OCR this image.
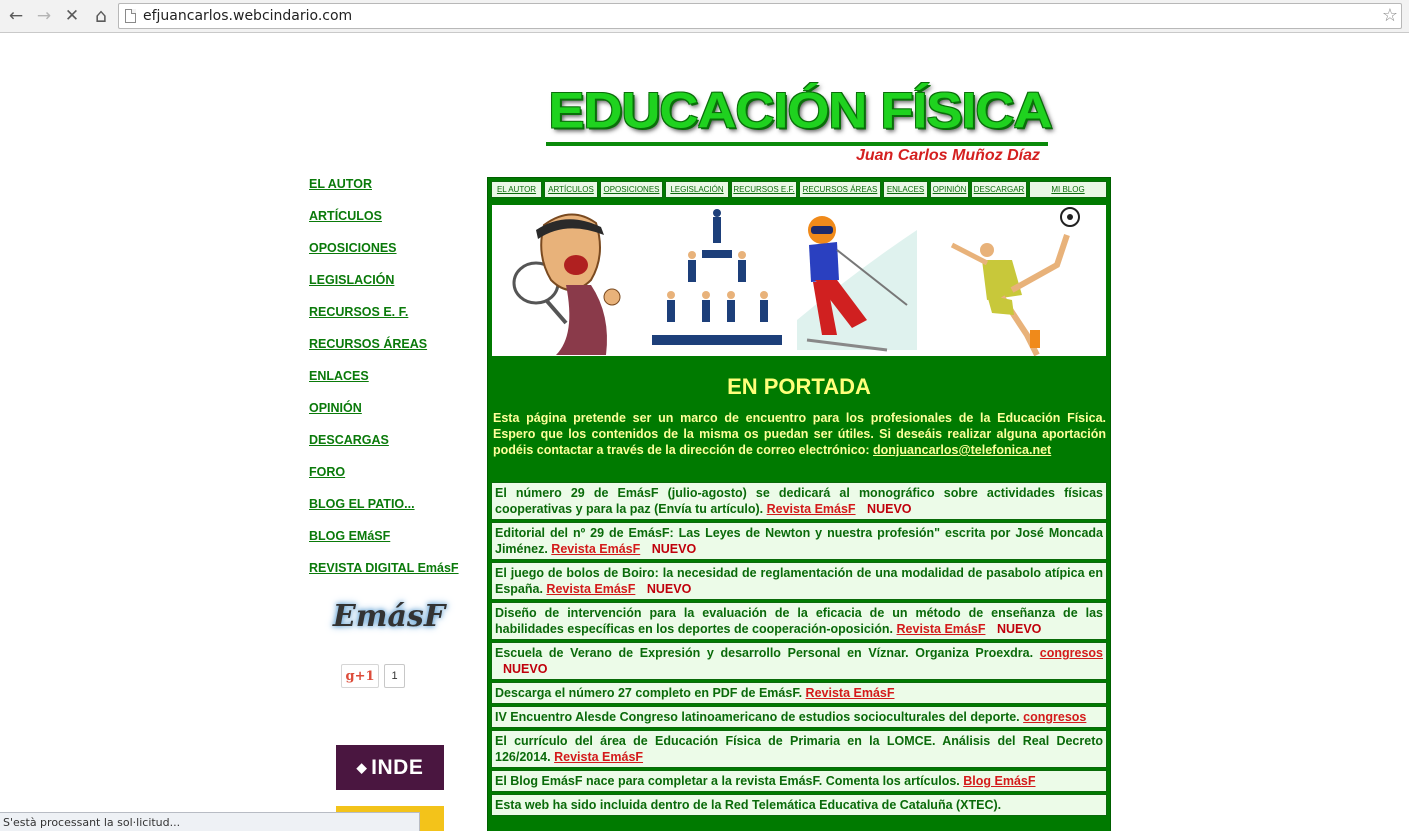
← → ✕ ⌂	efjuancarlos.webcindario.com	☆
EDUCACIÓN FÍSICA
Juan Carlos Muñoz Díaz
EL AUTOR
ARTÍCULOS
OPOSICIONES
LEGISLACIÓN
RECURSOS E. F.
RECURSOS ÁREAS
ENLACES
OPINIÓN
DESCARGAS
FORO
BLOG EL PATIO...
BLOG EMáSF
REVISTA DIGITAL EmásF
EmásF
g+1	1
◆ INDE
EL AUTOR	ARTÍCULOS	OPOSICIONES	LEGISLACIÓN	RECURSOS E.F. RECURSOS ÁREAS	ENLACES	OPINIÓN DESCARGAR	MI BLOG
EN PORTADA
Esta página pretende ser un marco de encuentro para los profesionales de la Educación Física. Espero que los contenidos de la misma os puedan ser útiles. Si deseáis realizar alguna aportación podéis contactar a través de la dirección de correo electrónico: donjuancarlos@telefonica.net
El número 29 de EmásF (julio-agosto) se dedicará al monográfico sobre actividades físicas cooperativas y para la paz (Envía tu artículo). Revista EmásF NUEVO
Editorial del nº 29 de EmásF: Las Leyes de Newton y nuestra profesión" escrita por José Moncada Jiménez. Revista EmásF NUEVO
El juego de bolos de Boiro: la necesidad de reglamentación de una modalidad de pasabolo atípica en España. Revista EmásF NUEVO
Diseño de intervención para la evaluación de la eficacia de un método de enseñanza de las habilidades específicas en los deportes de cooperación-oposición. Revista EmásF NUEVO
Escuela de Verano de Expresión y desarrollo Personal en Víznar. Organiza Proexdra. congresos NUEVO
Descarga el número 27 completo en PDF de EmásF. Revista EmásF
IV Encuentro Alesde Congreso latinoamericano de estudios socioculturales del deporte. congresos
El currículo del área de Educación Física de Primaria en la LOMCE. Análisis del Real Decreto 126/2014. Revista EmásF
El Blog EmásF nace para completar a la revista EmásF. Comenta los artículos. Blog EmásF
Esta web ha sido incluida dentro de la Red Telemática Educativa de Cataluña (XTEC).
S'està processant la sol·licitud...
